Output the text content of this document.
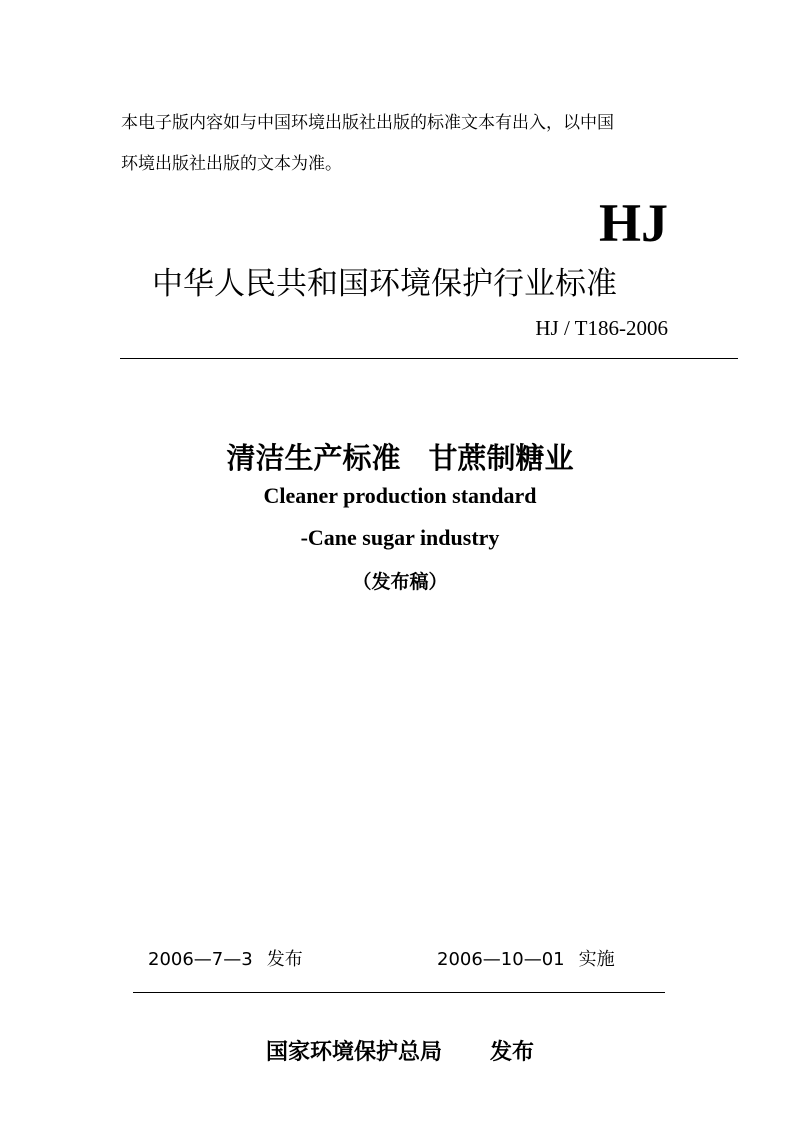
本电子版内容如与中国环境出版社出版的标准文本有出入，以中国
环境出版社出版的文本为准。
HJ
中华人民共和国环境保护行业标准
HJ / T186-2006
清洁生产标准 甘蔗制糖业
Cleaner production standard
-Cane sugar industry
（发布稿）
2006—7—3 发布	2006—10—01 实施
国家环境保护总局 发布
